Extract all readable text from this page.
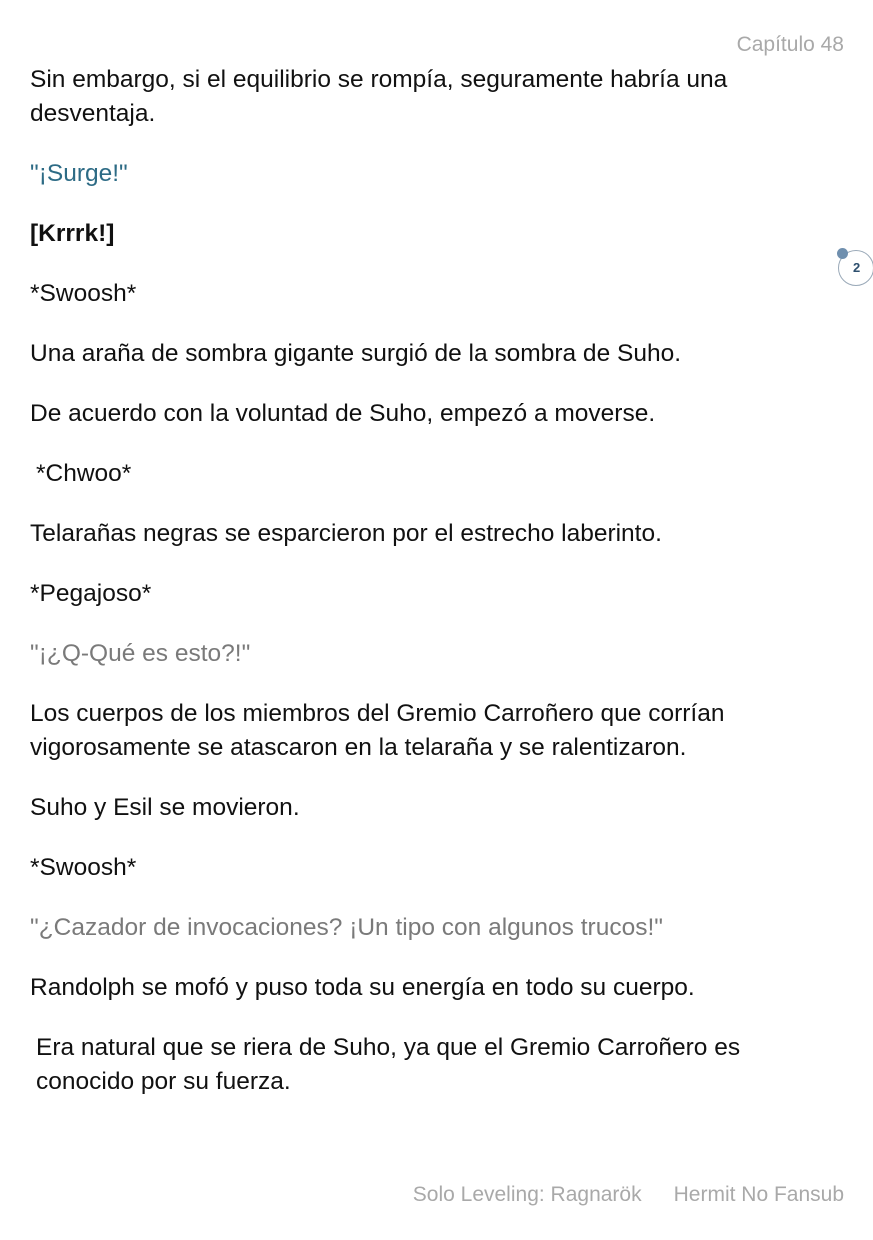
Capítulo 48

Sin embargo, si el equilibrio se rompía, seguramente habría una desventaja.

"¡Surge!"

[Krrrk!]

*Swoosh*

Una araña de sombra gigante surgió de la sombra de Suho.

De acuerdo con la voluntad de Suho, empezó a moverse.

*Chwoo*

Telarañas negras se esparcieron por el estrecho laberinto.

*Pegajoso*

"¡¿Q-Qué es esto?!"

Los cuerpos de los miembros del Gremio Carroñero que corrían vigorosamente se atascaron en la telaraña y se ralentizaron.

Suho y Esil se movieron.

*Swoosh*

"¿Cazador de invocaciones? ¡Un tipo con algunos trucos!"

Randolph se mofó y puso toda su energía en todo su cuerpo.

Era natural que se riera de Suho, ya que el Gremio Carroñero es conocido por su fuerza.

2
Solo Leveling: Ragnarök Hermit No Fansub
